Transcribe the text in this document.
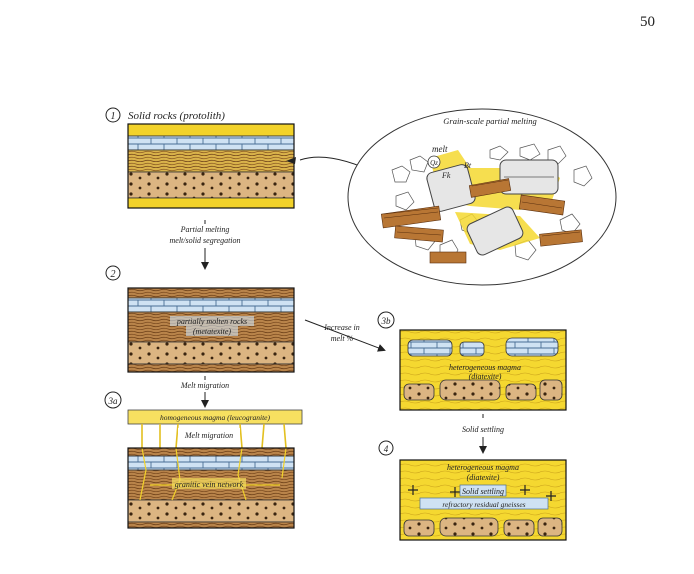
50
1 Solid rocks (protolith)	Grain-scale partial melting
melt
Qz	Bt
Fk
Partial melting
melt/solid segregation
2
partially molten rocks
(metatexite)	Increase in
melt %
3b
heterogeneous magma
(diatexite)
Melt migration
3a
homogeneous magma (leucogranite)
Melt migration
granitic vein network
Solid settling
4
heterogeneous magma
(diatexite)
Solid settling
refractory residual gneisses
